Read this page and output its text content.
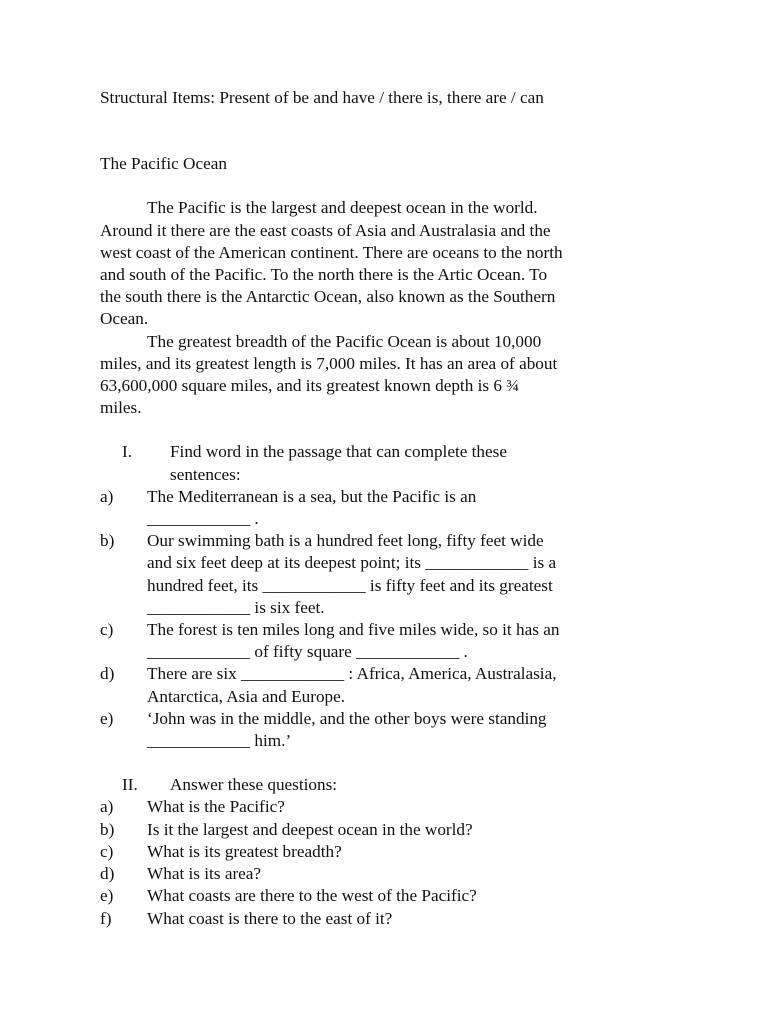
Structural Items: Present of be and have / there is, there are / can

The Pacific Ocean

The Pacific is the largest and deepest ocean in the world.

Around it there are the east coasts of Asia and Australasia and the

west coast of the American continent. There are oceans to the north

and south of the Pacific. To the north there is the Artic Ocean. To

the south there is the Antarctic Ocean, also known as the Southern

Ocean.

The greatest breadth of the Pacific Ocean is about 10,000

miles, and its greatest length is 7,000 miles. It has an area of about

63,600,000 square miles, and its greatest known depth is 6 ¾

miles.

I.	Find word in the passage that can complete these

sentences:

a)	The Mediterranean is a sea, but the Pacific is an
____________ .
b)	Our swimming bath is a hundred feet long, fifty feet wide
and six feet deep at its deepest point; its ____________ is a
hundred feet, its ____________ is fifty feet and its greatest
____________ is six feet.
c)	The forest is ten miles long and five miles wide, so it has an
____________ of fifty square ____________ .
d)	There are six ____________ : Africa, America, Australasia,
Antarctica, Asia and Europe.
e)	‘John was in the middle, and the other boys were standing
____________ him.’
II.	Answer these questions:
a)	What is the Pacific?
b)	Is it the largest and deepest ocean in the world?
c)	What is its greatest breadth?
d)	What is its area?
e)	What coasts are there to the west of the Pacific?
f)	What coast is there to the east of it?
